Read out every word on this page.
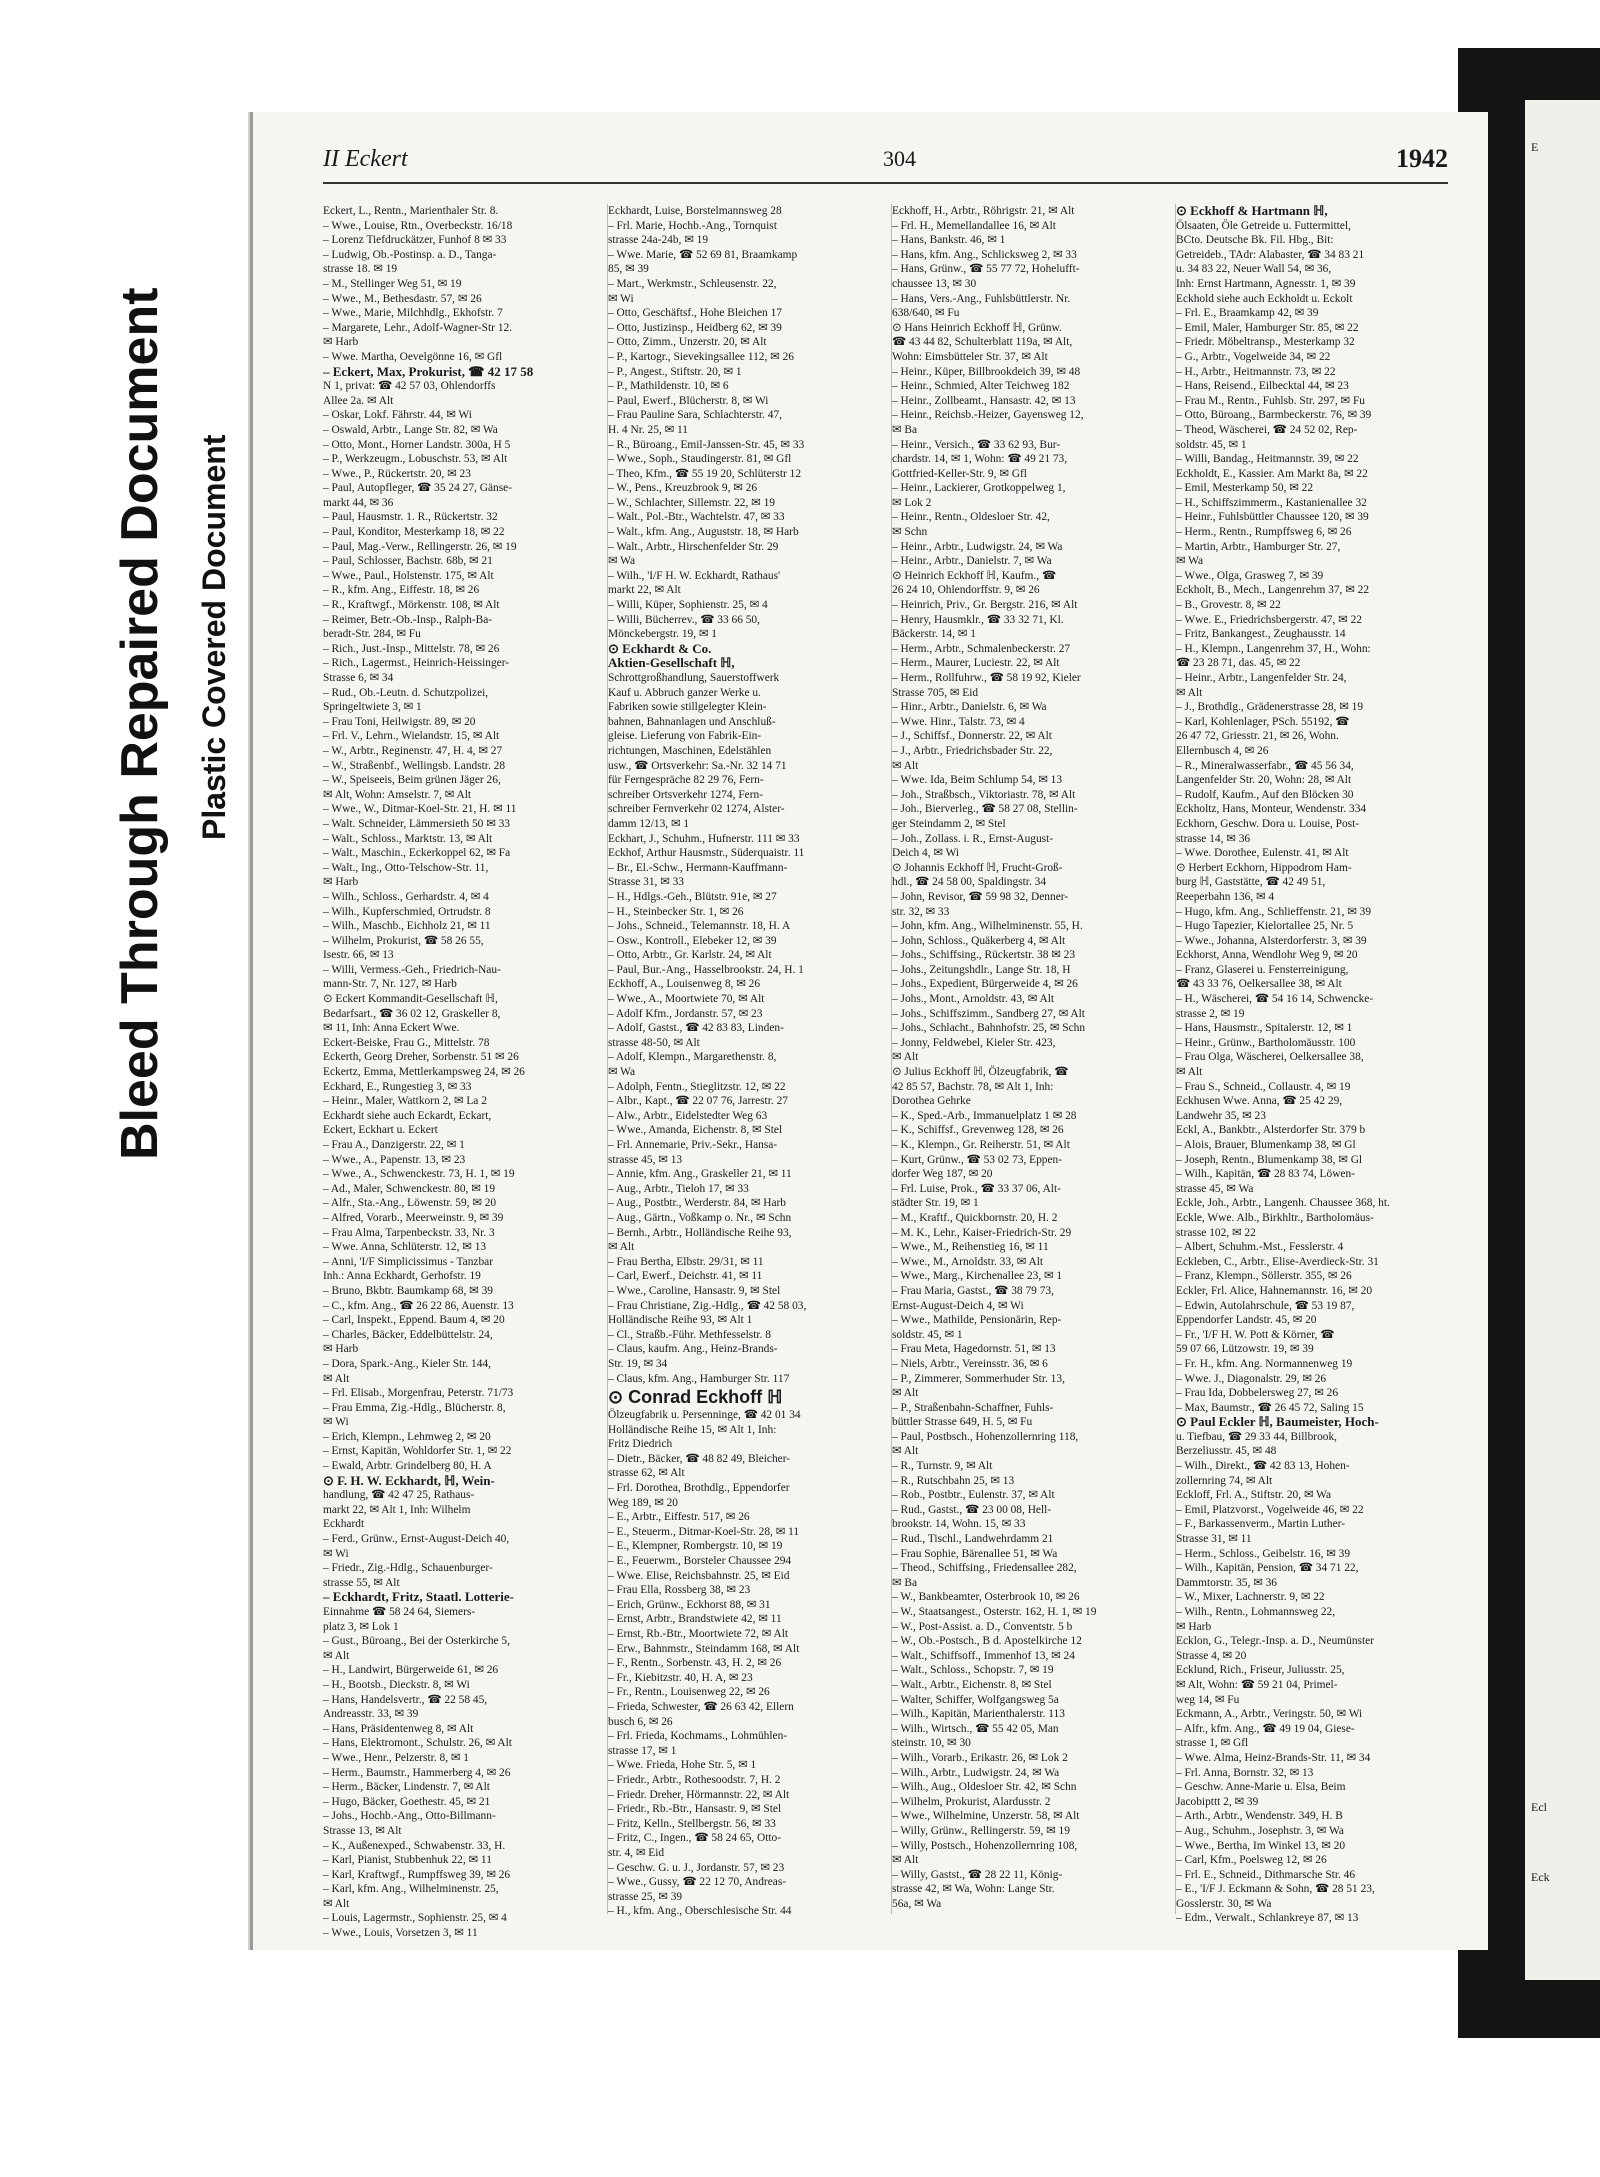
E
Ecl
Eck
Bleed Through Repaired Document Plastic Covered Document
II Eckert	304	1942
Eckert, L., Rentn., Marienthaler Str. 8.
– Wwe., Louise, Rtn., Overbeckstr. 16/18
– Lorenz Tiefdruckätzer, Funhof 8 ✉ 33
– Ludwig, Ob.-Postinsp. a. D., Tanga-
strasse 18. ✉ 19
– M., Stellinger Weg 51, ✉ 19
– Wwe., M., Bethesdastr. 57, ✉ 26
– Wwe., Marie, Milchhdlg., Ekhofstr. 7
– Margarete, Lehr., Adolf-Wagner-Str 12.
✉ Harb
– Wwe. Martha, Oevelgönne 16, ✉ Gfl
– Eckert, Max, Prokurist, ☎ 42 17 58
N 1, privat: ☎ 42 57 03, Ohlendorffs
Allee 2a. ✉ Alt
– Oskar, Lokf. Fährstr. 44, ✉ Wi
– Oswald, Arbtr., Lange Str. 82, ✉ Wa
– Otto, Mont., Horner Landstr. 300a, H 5
– P., Werkzeugm., Lobuschstr. 53, ✉ Alt
– Wwe., P., Rückertstr. 20, ✉ 23
– Paul, Autopfleger, ☎ 35 24 27, Gänse-
markt 44, ✉ 36
– Paul, Hausmstr. 1. R., Rückertstr. 32
– Paul, Konditor, Mesterkamp 18, ✉ 22
– Paul, Mag.-Verw., Rellingerstr. 26, ✉ 19
– Paul, Schlosser, Bachstr. 68b, ✉ 21
– Wwe., Paul., Holstenstr. 175, ✉ Alt
– R., kfm. Ang., Eiffestr. 18, ✉ 26
– R., Kraftwgf., Mörkenstr. 108, ✉ Alt
– Reimer, Betr.-Ob.-Insp., Ralph-Ba-
beradt-Str. 284, ✉ Fu
– Rich., Just.-Insp., Mittelstr. 78, ✉ 26
– Rich., Lagermst., Heinrich-Heissinger-
Strasse 6, ✉ 34
– Rud., Ob.-Leutn. d. Schutzpolizei,
Springeltwiete 3, ✉ 1
– Frau Toni, Heilwigstr. 89, ✉ 20
– Frl. V., Lehrn., Wielandstr. 15, ✉ Alt
– W., Arbtr., Reginenstr. 47, H. 4, ✉ 27
– W., Straßenbf., Wellingsb. Landstr. 28
– W., Speiseeis, Beim grünen Jäger 26,
✉ Alt, Wohn: Amselstr. 7, ✉ Alt
– Wwe., W., Ditmar-Koel-Str. 21, H. ✉ 11
– Walt. Schneider, Lämmersieth 50 ✉ 33
– Walt., Schloss., Marktstr. 13, ✉ Alt
– Walt., Maschin., Eckerkoppel 62, ✉ Fa
– Walt., Ing., Otto-Telschow-Str. 11,
✉ Harb
– Wilh., Schloss., Gerhardstr. 4, ✉ 4
– Wilh., Kupferschmied, Ortrudstr. 8
– Wilh., Maschb., Eichholz 21, ✉ 11
– Wilhelm, Prokurist, ☎ 58 26 55,
Isestr. 66, ✉ 13
– Willi, Vermess.-Geh., Friedrich-Nau-
mann-Str. 7, Nr. 127, ✉ Harb
⊙ Eckert Kommandit-Gesellschaft ℍ,
Bedarfsart., ☎ 36 02 12, Graskeller 8,
✉ 11, Inh: Anna Eckert Wwe.
Eckert-Beiske, Frau G., Mittelstr. 78
Eckerth, Georg Dreher, Sorbenstr. 51 ✉ 26
Eckertz, Emma, Mettlerkampsweg 24, ✉ 26
Eckhard, E., Rungestieg 3, ✉ 33
– Heinr., Maler, Wattkorn 2, ✉ La 2
Eckhardt siehe auch Eckardt, Eckart,
Eckert, Eckhart u. Eckert
– Frau A., Danzigerstr. 22, ✉ 1
– Wwe., A., Papenstr. 13, ✉ 23
– Wwe., A., Schwenckestr. 73, H. 1, ✉ 19
– Ad., Maler, Schwenckestr. 80, ✉ 19
– Alfr., Sta.-Ang., Löwenstr. 59, ✉ 20
– Alfred, Vorarb., Meerweinstr. 9, ✉ 39
– Frau Alma, Tarpenbeckstr. 33, Nr. 3
– Wwe. Anna, Schlüterstr. 12, ✉ 13
– Anni, 'I/F Simplicissimus - Tanzbar
Inh.: Anna Eckhardt, Gerhofstr. 19
– Bruno, Bkbtr. Baumkamp 68, ✉ 39
– C., kfm. Ang., ☎ 26 22 86, Auenstr. 13
– Carl, Inspekt., Eppend. Baum 4, ✉ 20
– Charles, Bäcker, Eddelbüttelstr. 24,
✉ Harb
– Dora, Spark.-Ang., Kieler Str. 144,
✉ Alt
– Frl. Elisab., Morgenfrau, Peterstr. 71/73
– Frau Emma, Zig.-Hdlg., Blücherstr. 8,
✉ Wi
– Erich, Klempn., Lehmweg 2, ✉ 20
– Ernst, Kapitän, Wohldorfer Str. 1, ✉ 22
– Ewald, Arbtr. Grindelberg 80, H. A
⊙ F. H. W. Eckhardt, ℍ, Wein-
handlung, ☎ 42 47 25, Rathaus-
markt 22, ✉ Alt 1, Inh: Wilhelm
Eckhardt
– Ferd., Grünw., Ernst-August-Deich 40,
✉ Wi
– Friedr., Zig.-Hdlg., Schauenburger-
strasse 55, ✉ Alt
– Eckhardt, Fritz, Staatl. Lotterie-
Einnahme ☎ 58 24 64, Siemers-
platz 3, ✉ Lok 1
– Gust., Büroang., Bei der Osterkirche 5,
✉ Alt
– H., Landwirt, Bürgerweide 61, ✉ 26
– H., Bootsb., Dieckstr. 8, ✉ Wi
– Hans, Handelsvertr., ☎ 22 58 45,
Andreasstr. 33, ✉ 39
– Hans, Präsidentenweg 8, ✉ Alt
– Hans, Elektromont., Schulstr. 26, ✉ Alt
– Wwe., Henr., Pelzerstr. 8, ✉ 1
– Herm., Baumstr., Hammerberg 4, ✉ 26
– Herm., Bäcker, Lindenstr. 7, ✉ Alt
– Hugo, Bäcker, Goethestr. 45, ✉ 21
– Johs., Hochb.-Ang., Otto-Billmann-
Strasse 13, ✉ Alt
– K., Außenexped., Schwabenstr. 33, H.
– Karl, Pianist, Stubbenhuk 22, ✉ 11
– Karl, Kraftwgf., Rumpffsweg 39, ✉ 26
– Karl, kfm. Ang., Wilhelminenstr. 25,
✉ Alt
– Louis, Lagermstr., Sophienstr. 25, ✉ 4
– Wwe., Louis, Vorsetzen 3, ✉ 11
Eckhardt, Luise, Borstelmannsweg 28
– Frl. Marie, Hochb.-Ang., Tornquist
strasse 24a-24b, ✉ 19
– Wwe. Marie, ☎ 52 69 81, Braamkamp
85, ✉ 39
– Mart., Werkmstr., Schleusenstr. 22,
✉ Wi
– Otto, Geschäftsf., Hohe Bleichen 17
– Otto, Justizinsp., Heidberg 62, ✉ 39
– Otto, Zimm., Unzerstr. 20, ✉ Alt
– P., Kartogr., Sievekingsallee 112, ✉ 26
– P., Angest., Stiftstr. 20, ✉ 1
– P., Mathildenstr. 10, ✉ 6
– Paul, Ewerf., Blücherstr. 8, ✉ Wi
– Frau Pauline Sara, Schlachterstr. 47,
H. 4 Nr. 25, ✉ 11
– R., Büroang., Emil-Janssen-Str. 45, ✉ 33
– Wwe., Soph., Staudingerstr. 81, ✉ Gfl
– Theo, Kfm., ☎ 55 19 20, Schlüterstr 12
– W., Pens., Kreuzbrook 9, ✉ 26
– W., Schlachter, Sillemstr. 22, ✉ 19
– Walt., Pol.-Btr., Wachtelstr. 47, ✉ 33
– Walt., kfm. Ang., Auguststr. 18, ✉ Harb
– Walt., Arbtr., Hirschenfelder Str. 29
✉ Wa
– Wilh., 'I/F H. W. Eckhardt, Rathaus'
markt 22, ✉ Alt
– Willi, Küper, Sophienstr. 25, ✉ 4
– Willi, Bücherrev., ☎ 33 66 50,
Mönckebergstr. 19, ✉ 1
⊙ Eckhardt & Co.
Aktien-Gesellschaft ℍ,
Schrottgroßhandlung, Sauerstoffwerk
Kauf u. Abbruch ganzer Werke u.
Fabriken sowie stillgelegter Klein-
bahnen, Bahnanlagen und Anschluß-
gleise. Lieferung von Fabrik-Ein-
richtungen, Maschinen, Edelstählen
usw., ☎ Ortsverkehr: Sa.-Nr. 32 14 71
für Ferngespräche 82 29 76, Fern-
schreiber Ortsverkehr 1274, Fern-
schreiber Fernverkehr 02 1274, Alster-
damm 12/13, ✉ 1
Eckhart, J., Schuhm., Hufnerstr. 111 ✉ 33
Eckhof, Arthur Hausmstr., Süderquaistr. 11
– Br., El.-Schw., Hermann-Kauffmann-
Strasse 31, ✉ 33
– H., Hdlgs.-Geh., Blütstr. 91e, ✉ 27
– H., Steinbecker Str. 1, ✉ 26
– Johs., Schneid., Telemannstr. 18, H. A
– Osw., Kontroll., Elebeker 12, ✉ 39
– Otto, Arbtr., Gr. Karlstr. 24, ✉ Alt
– Paul, Bur.-Ang., Hasselbrookstr. 24, H. 1
Eckhoff, A., Louisenweg 8, ✉ 26
– Wwe., A., Moortwiete 70, ✉ Alt
– Adolf Kfm., Jordanstr. 57, ✉ 23
– Adolf, Gastst., ☎ 42 83 83, Linden-
strasse 48-50, ✉ Alt
– Adolf, Klempn., Margarethenstr. 8,
✉ Wa
– Adolph, Fentn., Stieglitzstr. 12, ✉ 22
– Albr., Kapt., ☎ 22 07 76, Jarrestr. 27
– Alw., Arbtr., Eidelstedter Weg 63
– Wwe., Amanda, Eichenstr. 8, ✉ Stel
– Frl. Annemarie, Priv.-Sekr., Hansa-
strasse 45, ✉ 13
– Annie, kfm. Ang., Graskeller 21, ✉ 11
– Aug., Arbtr., Tieloh 17, ✉ 33
– Aug., Postbtr., Werderstr. 84, ✉ Harb
– Aug., Gärtn., Voßkamp o. Nr., ✉ Schn
– Bernh., Arbtr., Holländische Reihe 93,
✉ Alt
– Frau Bertha, Elbstr. 29/31, ✉ 11
– Carl, Ewerf., Deichstr. 41, ✉ 11
– Wwe., Caroline, Hansastr. 9, ✉ Stel
– Frau Christiane, Zig.-Hdlg., ☎ 42 58 03,
Holländische Reihe 93, ✉ Alt 1
– Cl., Straßb.-Führ. Methfesselstr. 8
– Claus, kaufm. Ang., Heinz-Brands-
Str. 19, ✉ 34
– Claus, kfm. Ang., Hamburger Str. 117
⊙ Conrad Eckhoff ℍ
Ölzeugfabrik u. Persenninge, ☎ 42 01 34
Holländische Reihe 15, ✉ Alt 1, Inh:
Fritz Diedrich
– Dietr., Bäcker, ☎ 48 82 49, Bleicher-
strasse 62, ✉ Alt
– Frl. Dorothea, Brothdlg., Eppendorfer
Weg 189, ✉ 20
– E., Arbtr., Eiffestr. 517, ✉ 26
– E., Steuerm., Ditmar-Koel-Str. 28, ✉ 11
– E., Klempner, Rombergstr. 10, ✉ 19
– E., Feuerwm., Borsteler Chaussee 294
– Wwe. Elise, Reichsbahnstr. 25, ✉ Eid
– Frau Ella, Rossberg 38, ✉ 23
– Erich, Grünw., Eckhorst 88, ✉ 31
– Ernst, Arbtr., Brandstwiete 42, ✉ 11
– Ernst, Rb.-Btr., Moortwiete 72, ✉ Alt
– Erw., Bahnmstr., Steindamm 168, ✉ Alt
– F., Rentn., Sorbenstr. 43, H. 2, ✉ 26
– Fr., Kiebitzstr. 40, H. A, ✉ 23
– Fr., Rentn., Louisenweg 22, ✉ 26
– Frieda, Schwester, ☎ 26 63 42, Ellern
busch 6, ✉ 26
– Frl. Frieda, Kochmams., Lohmühlen-
strasse 17, ✉ 1
– Wwe. Frieda, Hohe Str. 5, ✉ 1
– Friedr., Arbtr., Rothesoodstr. 7, H. 2
– Friedr. Dreher, Hörmannstr. 22, ✉ Alt
– Friedr., Rb.-Btr., Hansastr. 9, ✉ Stel
– Fritz, Kelln., Stellbergstr. 56, ✉ 33
– Fritz, C., Ingen., ☎ 58 24 65, Otto-
str. 4, ✉ Eid
– Geschw. G. u. J., Jordanstr. 57, ✉ 23
– Wwe., Gussy, ☎ 22 12 70, Andreas-
strasse 25, ✉ 39
– H., kfm. Ang., Oberschlesische Str. 44
Eckhoff, H., Arbtr., Röhrigstr. 21, ✉ Alt
– Frl. H., Memellandallee 16, ✉ Alt
– Hans, Bankstr. 46, ✉ 1
– Hans, kfm. Ang., Schlicksweg 2, ✉ 33
– Hans, Grünw., ☎ 55 77 72, Hohelufft-
chaussee 13, ✉ 30
– Hans, Vers.-Ang., Fuhlsbüttlerstr. Nr.
638/640, ✉ Fu
⊙ Hans Heinrich Eckhoff ℍ, Grünw.
☎ 43 44 82, Schulterblatt 119a, ✉ Alt,
Wohn: Eimsbütteler Str. 37, ✉ Alt
– Heinr., Küper, Billbrookdeich 39, ✉ 48
– Heinr., Schmied, Alter Teichweg 182
– Heinr., Zollbeamt., Hansastr. 42, ✉ 13
– Heinr., Reichsb.-Heizer, Gayensweg 12,
✉ Ba
– Heinr., Versich., ☎ 33 62 93, Bur-
chardstr. 14, ✉ 1, Wohn: ☎ 49 21 73,
Gottfried-Keller-Str. 9, ✉ Gfl
– Heinr., Lackierer, Grotkoppelweg 1,
✉ Lok 2
– Heinr., Rentn., Oldesloer Str. 42,
✉ Schn
– Heinr., Arbtr., Ludwigstr. 24, ✉ Wa
– Heinr., Arbtr., Danielstr. 7, ✉ Wa
⊙ Heinrich Eckhoff ℍ, Kaufm., ☎
26 24 10, Ohlendorffstr. 9, ✉ 26
– Heinrich, Priv., Gr. Bergstr. 216, ✉ Alt
– Henry, Hausmklr., ☎ 33 32 71, Kl.
Bäckerstr. 14, ✉ 1
– Herm., Arbtr., Schmalenbeckerstr. 27
– Herm., Maurer, Luciestr. 22, ✉ Alt
– Herm., Rollfuhrw., ☎ 58 19 92, Kieler
Strasse 705, ✉ Eid
– Hinr., Arbtr., Danielstr. 6, ✉ Wa
– Wwe. Hinr., Talstr. 73, ✉ 4
– J., Schiffsf., Donnerstr. 22, ✉ Alt
– J., Arbtr., Friedrichsbader Str. 22,
✉ Alt
– Wwe. Ida, Beim Schlump 54, ✉ 13
– Joh., Straßbsch., Viktoriastr. 78, ✉ Alt
– Joh., Bierverleg., ☎ 58 27 08, Stellin-
ger Steindamm 2, ✉ Stel
– Joh., Zollass. i. R., Ernst-August-
Deich 4, ✉ Wi
⊙ Johannis Eckhoff ℍ, Frucht-Groß-
hdl., ☎ 24 58 00, Spaldingstr. 34
– John, Revisor, ☎ 59 98 32, Denner-
str. 32, ✉ 33
– John, kfm. Ang., Wilhelminenstr. 55, H.
– John, Schloss., Quäkerberg 4, ✉ Alt
– Johs., Schiffsing., Rückertstr. 38 ✉ 23
– Johs., Zeitungshdlr., Lange Str. 18, H
– Johs., Expedient, Bürgerweide 4, ✉ 26
– Johs., Mont., Arnoldstr. 43, ✉ Alt
– Johs., Schiffszimm., Sandberg 27, ✉ Alt
– Johs., Schlacht., Bahnhofstr. 25, ✉ Schn
– Jonny, Feldwebel, Kieler Str. 423,
✉ Alt
⊙ Julius Eckhoff ℍ, Ölzeugfabrik, ☎
42 85 57, Bachstr. 78, ✉ Alt 1, Inh:
Dorothea Gehrke
– K., Sped.-Arb., Immanuelplatz 1 ✉ 28
– K., Schiffsf., Grevenweg 128, ✉ 26
– K., Klempn., Gr. Reiherstr. 51, ✉ Alt
– Kurt, Grünw., ☎ 53 02 73, Eppen-
dorfer Weg 187, ✉ 20
– Frl. Luise, Prok., ☎ 33 37 06, Alt-
städter Str. 19, ✉ 1
– M., Kraftf., Quickbornstr. 20, H. 2
– M. K., Lehr., Kaiser-Friedrich-Str. 29
– Wwe., M., Reihenstieg 16, ✉ 11
– Wwe., M., Arnoldstr. 33, ✉ Alt
– Wwe., Marg., Kirchenallee 23, ✉ 1
– Frau Maria, Gastst., ☎ 38 79 73,
Ernst-August-Deich 4, ✉ Wi
– Wwe., Mathilde, Pensionärin, Rep-
soldstr. 45, ✉ 1
– Frau Meta, Hagedornstr. 51, ✉ 13
– Niels, Arbtr., Vereinsstr. 36, ✉ 6
– P., Zimmerer, Sommerhuder Str. 13,
✉ Alt
– P., Straßenbahn-Schaffner, Fuhls-
büttler Strasse 649, H. 5, ✉ Fu
– Paul, Postbsch., Hohenzollernring 118,
✉ Alt
– R., Turnstr. 9, ✉ Alt
– R., Rutschbahn 25, ✉ 13
– Rob., Postbtr., Eulenstr. 37, ✉ Alt
– Rud., Gastst., ☎ 23 00 08, Hell-
brookstr. 14, Wohn. 15, ✉ 33
– Rud., Tischl., Landwehrdamm 21
– Frau Sophie, Bärenallee 51, ✉ Wa
– Theod., Schiffsing., Friedensallee 282,
✉ Ba
– W., Bankbeamter, Osterbrook 10, ✉ 26
– W., Staatsangest., Osterstr. 162, H. 1, ✉ 19
– W., Post-Assist. a. D., Conventstr. 5 b
– W., Ob.-Postsch., B d. Apostelkirche 12
– Walt., Schiffsoff., Immenhof 13, ✉ 24
– Walt., Schloss., Schopstr. 7, ✉ 19
– Walt., Arbtr., Eichenstr. 8, ✉ Stel
– Walter, Schiffer, Wolfgangsweg 5a
– Wilh., Kapitän, Marienthalerstr. 113
– Wilh., Wirtsch., ☎ 55 42 05, Man
steinstr. 10, ✉ 30
– Wilh., Vorarb., Erikastr. 26, ✉ Lok 2
– Wilh., Arbtr., Ludwigstr. 24, ✉ Wa
– Wilh., Aug., Oldesloer Str. 42, ✉ Schn
– Wilhelm, Prokurist, Alardusstr. 2
– Wwe., Wilhelmine, Unzerstr. 58, ✉ Alt
– Willy, Grünw., Rellingerstr. 59, ✉ 19
– Willy, Postsch., Hohenzollernring 108,
✉ Alt
– Willy, Gastst., ☎ 28 22 11, König-
strasse 42, ✉ Wa, Wohn: Lange Str.
56a, ✉ Wa
⊙ Eckhoff & Hartmann ℍ,
Ölsaaten, Öle Getreide u. Futtermittel,
BCto. Deutsche Bk. Fil. Hbg., Bit:
Getreideb., TAdr: Alabaster, ☎ 34 83 21
u. 34 83 22, Neuer Wall 54, ✉ 36,
Inh: Ernst Hartmann, Agnesstr. 1, ✉ 39
Eckhold siehe auch Eckholdt u. Eckolt
– Frl. E., Braamkamp 42, ✉ 39
– Emil, Maler, Hamburger Str. 85, ✉ 22
– Friedr. Möbeltransp., Mesterkamp 32
– G., Arbtr., Vogelweide 34, ✉ 22
– H., Arbtr., Heitmannstr. 73, ✉ 22
– Hans, Reisend., Eilbecktal 44, ✉ 23
– Frau M., Rentn., Fuhlsb. Str. 297, ✉ Fu
– Otto, Büroang., Barmbeckerstr. 76, ✉ 39
– Theod, Wäscherei, ☎ 24 52 02, Rep-
soldstr. 45, ✉ 1
– Willi, Bandag., Heitmannstr. 39, ✉ 22
Eckholdt, E., Kassier. Am Markt 8a, ✉ 22
– Emil, Mesterkamp 50, ✉ 22
– H., Schiffszimmerm., Kastanienallee 32
– Heinr., Fuhlsbüttler Chaussee 120, ✉ 39
– Herm., Rentn., Rumpffsweg 6, ✉ 26
– Martin, Arbtr., Hamburger Str. 27,
✉ Wa
– Wwe., Olga, Grasweg 7, ✉ 39
Eckholt, B., Mech., Langenrehm 37, ✉ 22
– B., Grovestr. 8, ✉ 22
– Wwe. E., Friedrichsbergerstr. 47, ✉ 22
– Fritz, Bankangest., Zeughausstr. 14
– H., Klempn., Langenrehm 37, H., Wohn:
☎ 23 28 71, das. 45, ✉ 22
– Heinr., Arbtr., Langenfelder Str. 24,
✉ Alt
– J., Brothdlg., Grädenerstrasse 28, ✉ 19
– Karl, Kohlenlager, PSch. 55192, ☎
26 47 72, Griesstr. 21, ✉ 26, Wohn.
Ellernbusch 4, ✉ 26
– R., Mineralwasserfabr., ☎ 45 56 34,
Langenfelder Str. 20, Wohn: 28, ✉ Alt
– Rudolf, Kaufm., Auf den Blöcken 30
Eckholtz, Hans, Monteur, Wendenstr. 334
Eckhorn, Geschw. Dora u. Louise, Post-
strasse 14, ✉ 36
– Wwe. Dorothee, Eulenstr. 41, ✉ Alt
⊙ Herbert Eckhorn, Hippodrom Ham-
burg ℍ, Gaststätte, ☎ 42 49 51,
Reeperbahn 136, ✉ 4
– Hugo, kfm. Ang., Schlieffenstr. 21, ✉ 39
– Hugo Tapezier, Kielortallee 25, Nr. 5
– Wwe., Johanna, Alsterdorferstr. 3, ✉ 39
Eckhorst, Anna, Wendlohr Weg 9, ✉ 20
– Franz, Glaserei u. Fensterreinigung,
☎ 43 33 76, Oelkersallee 38, ✉ Alt
– H., Wäscherei, ☎ 54 16 14, Schwencke-
strasse 2, ✉ 19
– Hans, Hausmstr., Spitalerstr. 12, ✉ 1
– Heinr., Grünw., Bartholomäusstr. 100
– Frau Olga, Wäscherei, Oelkersallee 38,
✉ Alt
– Frau S., Schneid., Collaustr. 4, ✉ 19
Eckhusen Wwe. Anna, ☎ 25 42 29,
Landwehr 35, ✉ 23
Eckl, A., Bankbtr., Alsterdorfer Str. 379 b
– Alois, Brauer, Blumenkamp 38, ✉ Gl
– Joseph, Rentn., Blumenkamp 38, ✉ Gl
– Wilh., Kapitän, ☎ 28 83 74, Löwen-
strasse 45, ✉ Wa
Eckle, Joh., Arbtr., Langenh. Chaussee 368, ht.
Eckle, Wwe. Alb., Birkhltr., Bartholomäus-
strasse 102, ✉ 22
– Albert, Schuhm.-Mst., Fesslerstr. 4
Eckleben, C., Arbtr., Elise-Averdieck-Str. 31
– Franz, Klempn., Söllerstr. 355, ✉ 26
Eckler, Frl. Alice, Hahnemannstr. 16, ✉ 20
– Edwin, Autolahrschule, ☎ 53 19 87,
Eppendorfer Landstr. 45, ✉ 20
– Fr., 'I/F H. W. Pott & Körner, ☎
59 07 66, Lützowstr. 19, ✉ 39
– Fr. H., kfm. Ang. Normannenweg 19
– Wwe. J., Diagonalstr. 29, ✉ 26
– Frau Ida, Dobbelersweg 27, ✉ 26
– Max, Baumstr., ☎ 26 45 72, Saling 15
⊙ Paul Eckler ℍ, Baumeister, Hoch-
u. Tiefbau, ☎ 29 33 44, Billbrook,
Berzeliusstr. 45, ✉ 48
– Wilh., Direkt., ☎ 42 83 13, Hohen-
zollernring 74, ✉ Alt
Eckloff, Frl. A., Stiftstr. 20, ✉ Wa
– Emil, Platzvorst., Vogelweide 46, ✉ 22
– F., Barkassenverm., Martin Luther-
Strasse 31, ✉ 11
– Herm., Schloss., Geibelstr. 16, ✉ 39
– Wilh., Kapitän, Pension, ☎ 34 71 22,
Dammtorstr. 35, ✉ 36
– W., Mixer, Lachnerstr. 9, ✉ 22
– Wilh., Rentn., Lohmannsweg 22,
✉ Harb
Ecklon, G., Telegr.-Insp. a. D., Neumünster
Strasse 4, ✉ 20
Ecklund, Rich., Friseur, Juliusstr. 25,
✉ Alt, Wohn: ☎ 59 21 04, Primel-
weg 14, ✉ Fu
Eckmann, A., Arbtr., Veringstr. 50, ✉ Wi
– Alfr., kfm. Ang., ☎ 49 19 04, Giese-
strasse 1, ✉ Gfl
– Wwe. Alma, Heinz-Brands-Str. 11, ✉ 34
– Frl. Anna, Bornstr. 32, ✉ 13
– Geschw. Anne-Marie u. Elsa, Beim
Jacobipttt 2, ✉ 39
– Arth., Arbtr., Wendenstr. 349, H. B
– Aug., Schuhm., Josephstr. 3, ✉ Wa
– Wwe., Bertha, Im Winkel 13, ✉ 20
– Carl, Kfm., Poelsweg 12, ✉ 26
– Frl. E., Schneid., Dithmarsche Str. 46
– E., 'I/F J. Eckmann & Sohn, ☎ 28 51 23,
Gosslerstr. 30, ✉ Wa
– Edm., Verwalt., Schlankreye 87, ✉ 13
